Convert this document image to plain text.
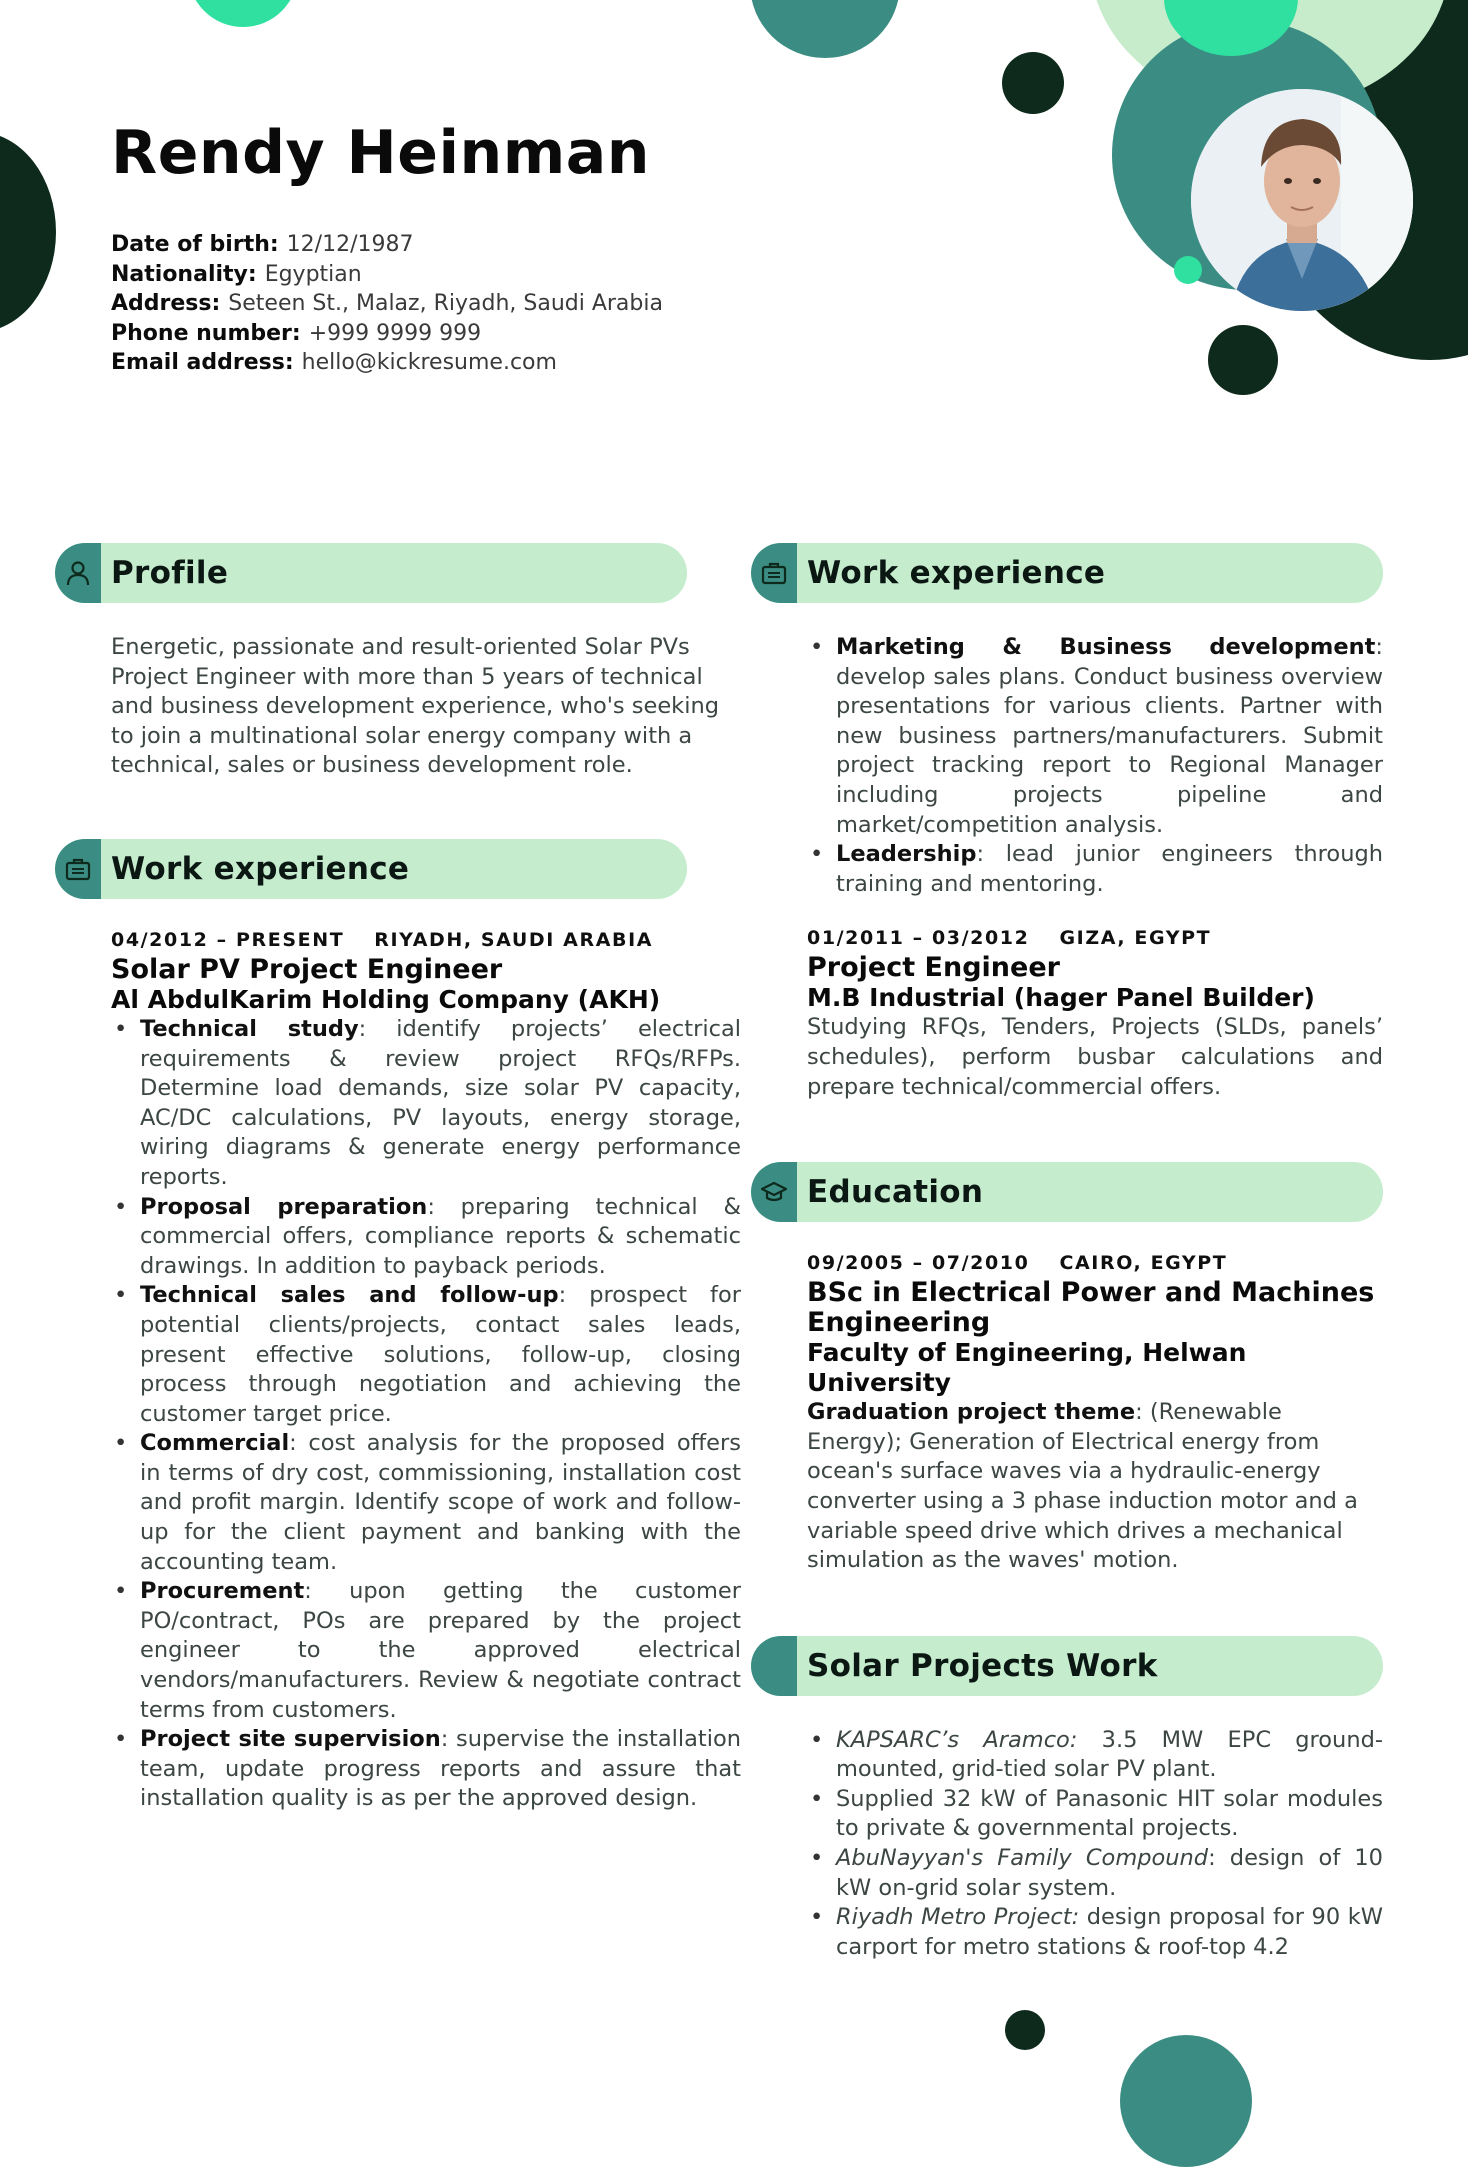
Rendy Heinman
Date of birth: 12/12/1987
Nationality: Egyptian
Address: Seteen St., Malaz, Riyadh, Saudi Arabia
Phone number: +999 9999 999
Email address: hello@kickresume.com
Profile
Energetic, passionate and result-oriented Solar PVs Project Engineer with more than 5 years of technical and business development experience, who's seeking to join a multinational solar energy company with a technical, sales or business development role.
Work experience
04/2012 – PRESENT RIYADH, SAUDI ARABIA
Solar PV Project Engineer
Al AbdulKarim Holding Company (AKH)
• Technical study: identify projects’ electrical requirements & review project RFQs/RFPs. Determine load demands, size solar PV capacity, AC/DC calculations, PV layouts, energy storage, wiring diagrams & generate energy performance reports.
• Proposal preparation: preparing technical & commercial offers, compliance reports & schematic drawings. In addition to payback periods.
• Technical sales and follow-up: prospect for potential clients/projects, contact sales leads, present effective solutions, follow-up, closing process through negotiation and achieving the customer target price.
• Commercial: cost analysis for the proposed offers in terms of dry cost, commissioning, installation cost and profit margin. Identify scope of work and follow-up for the client payment and banking with the accounting team.
• Procurement: upon getting the customer PO/contract, POs are prepared by the project engineer to the approved electrical vendors/manufacturers. Review & negotiate contract terms from customers.
• Project site supervision: supervise the installation team, update progress reports and assure that installation quality is as per the approved design.
Work experience
• Marketing & Business development: develop sales plans. Conduct business overview presentations for various clients. Partner with new business partners/manufacturers. Submit project tracking report to Regional Manager including projects pipeline and market/competition analysis.
• Leadership: lead junior engineers through training and mentoring.
01/2011 – 03/2012 GIZA, EGYPT
Project Engineer
M.B Industrial (hager Panel Builder)
Studying RFQs, Tenders, Projects (SLDs, panels’ schedules), perform busbar calculations and prepare technical/commercial offers.
Education
09/2005 – 07/2010 CAIRO, EGYPT
BSc in Electrical Power and Machines Engineering
Faculty of Engineering, Helwan University
Graduation project theme: (Renewable Energy); Generation of Electrical energy from ocean's surface waves via a hydraulic-energy converter using a 3 phase induction motor and a variable speed drive which drives a mechanical simulation as the waves' motion.
Solar Projects Work
• KAPSARC’s Aramco: 3.5 MW EPC ground-mounted, grid-tied solar PV plant.
• Supplied 32 kW of Panasonic HIT solar modules to private & governmental projects.
• AbuNayyan's Family Compound: design of 10 kW on-grid solar system.
• Riyadh Metro Project: design proposal for 90 kW carport for metro stations & roof-top 4.2
